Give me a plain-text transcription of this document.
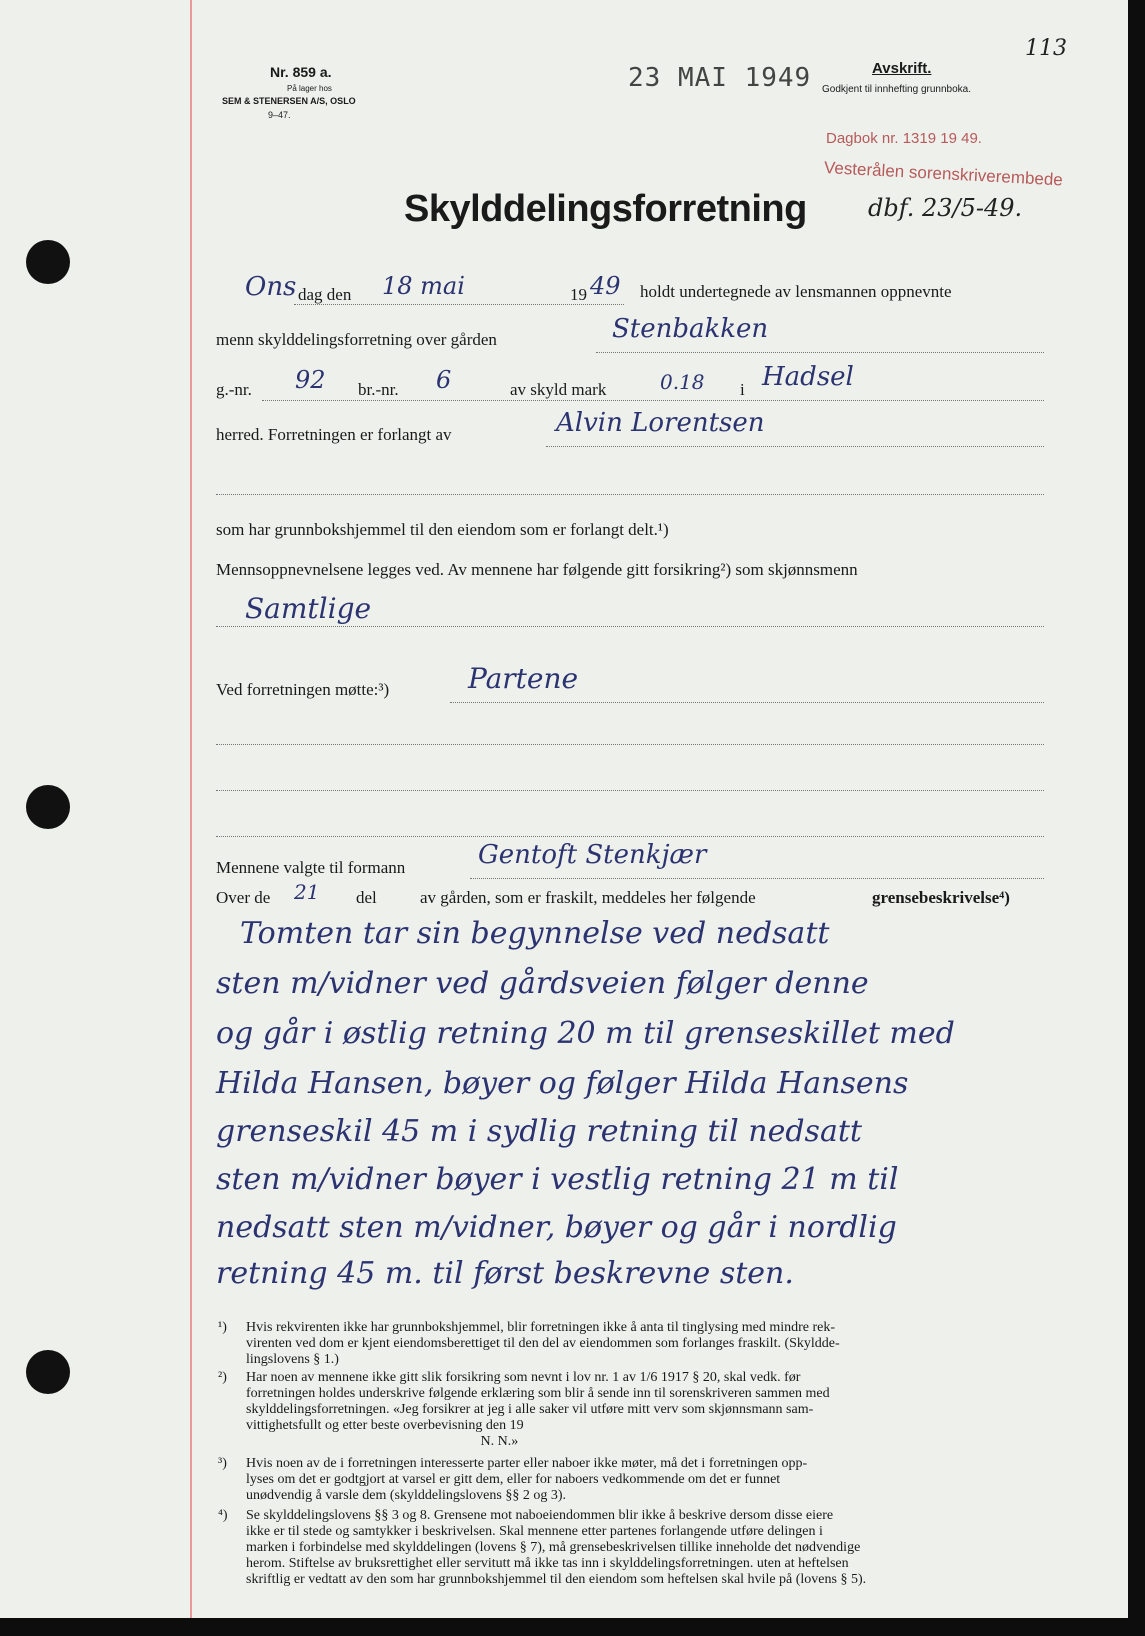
Nr. 859 a.
På lager hos
SEM & STENERSEN A/S, OSLO
9–47.
23 MAI 1949	Avskrift.
Godkjent til innhefting grunnboka.
113
Dagbok nr. 1319 19 49.
Vesterålen sorenskriverembede
Skylddelingsforretning	dbf. 23/5-49.
Ons dag den 18 mai	19 49 holdt undertegnede av lensmannen oppnevnte
menn skylddelingsforretning over gården	Stenbakken
g.-nr. 92 br.-nr. 6	av skyld mark	0.18 i Hadsel
herred. Forretningen er forlangt av	Alvin Lorentsen
som har grunnbokshjemmel til den eiendom som er forlangt delt.¹)
Mennsoppnevnelsene legges ved. Av mennene har følgende gitt forsikring²) som skjønnsmenn
Samtlige
Ved forretningen møtte:³)	Partene
Mennene valgte til formann	Gentoft Stenkjær
Over de 21 del	av gården, som er fraskilt, meddeles her følgende	grensebeskrivelse⁴)
Tomten tar sin begynnelse ved nedsatt
sten m/vidner ved gårdsveien følger denne
og går i østlig retning 20 m til grenseskillet med
Hilda Hansen, bøyer og følger Hilda Hansens
grenseskil 45 m i sydlig retning til nedsatt
sten m/vidner bøyer i vestlig retning 21 m til
nedsatt sten m/vidner, bøyer og går i nordlig
retning 45 m. til først beskrevne sten.
¹) Hvis rekvirenten ikke har grunnbokshjemmel, blir forretningen ikke å anta til tinglysing med mindre rek-
virenten ved dom er kjent eiendomsberettiget til den del av eiendommen som forlanges fraskilt. (Skyldde-
lingslovens § 1.)
²) Har noen av mennene ikke gitt slik forsikring som nevnt i lov nr. 1 av 1/6 1917 § 20, skal vedk. før
forretningen holdes underskrive følgende erklæring som blir å sende inn til sorenskriveren sammen med
skylddelingsforretningen. «Jeg forsikrer at jeg i alle saker vil utføre mitt verv som skjønnsmann sam-
vittighetsfullt og etter beste overbevisning den 19
N. N.»
³) Hvis noen av de i forretningen interesserte parter eller naboer ikke møter, må det i forretningen opp-
lyses om det er godtgjort at varsel er gitt dem, eller for naboers vedkommende om det er funnet
unødvendig å varsle dem (skylddelingslovens §§ 2 og 3).
⁴) Se skylddelingslovens §§ 3 og 8. Grensene mot naboeiendommen blir ikke å beskrive dersom disse eiere
ikke er til stede og samtykker i beskrivelsen. Skal mennene etter partenes forlangende utføre delingen i
marken i forbindelse med skylddelingen (lovens § 7), må grensebeskrivelsen tillike inneholde det nødvendige
herom. Stiftelse av bruksrettighet eller servitutt må ikke tas inn i skylddelingsforretningen. uten at heftelsen
skriftlig er vedtatt av den som har grunnbokshjemmel til den eiendom som heftelsen skal hvile på (lovens § 5).
